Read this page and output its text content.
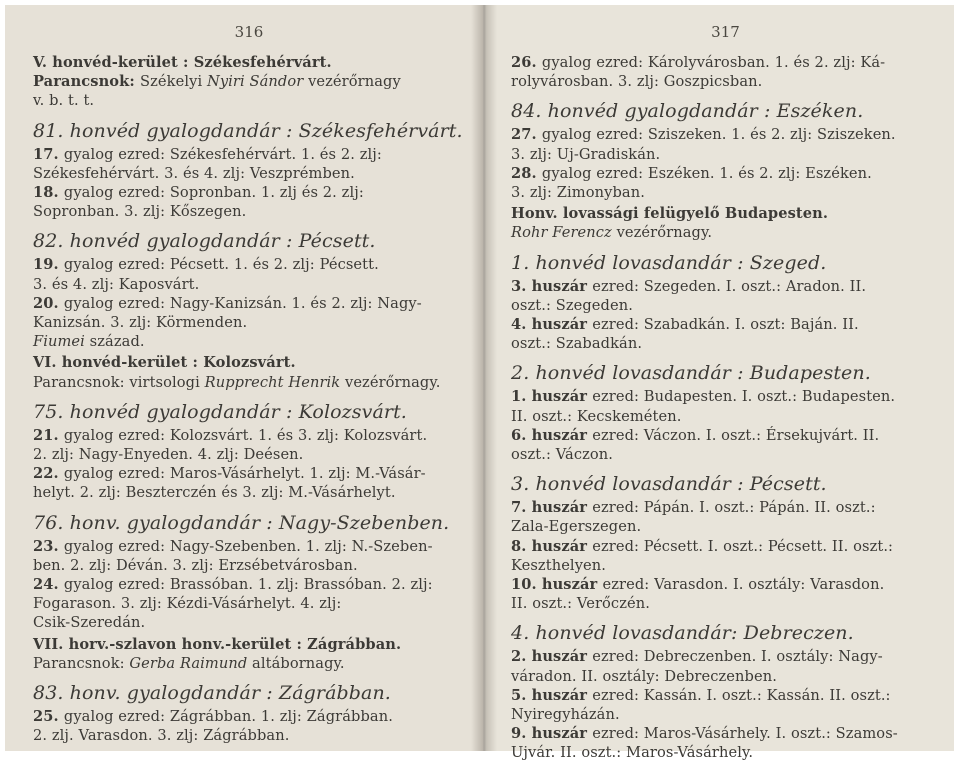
316
V. honvéd-kerület : Székesfehérvárt.
Parancsnok: Székelyi Nyiri Sándor vezérőrnagy
v. b. t. t.
81. honvéd gyalogdandár : Székesfehérvárt.
17. gyalog ezred: Székesfehérvárt. 1. és 2. zlj:
Székesfehérvárt. 3. és 4. zlj: Veszprémben.
18. gyalog ezred: Sopronban. 1. zlj és 2. zlj:
Sopronban. 3. zlj: Kőszegen.
82. honvéd gyalogdandár : Pécsett.
19. gyalog ezred: Pécsett. 1. és 2. zlj: Pécsett.
3. és 4. zlj: Kaposvárt.
20. gyalog ezred: Nagy-Kanizsán. 1. és 2. zlj: Nagy-
Kanizsán. 3. zlj: Körmenden.
Fiumei század.
VI. honvéd-kerület : Kolozsvárt.
Parancsnok: virtsologi Rupprecht Henrik vezérőrnagy.
75. honvéd gyalogdandár : Kolozsvárt.
21. gyalog ezred: Kolozsvárt. 1. és 3. zlj: Kolozsvárt.
2. zlj: Nagy-Enyeden. 4. zlj: Deésen.
22. gyalog ezred: Maros-Vásárhelyt. 1. zlj: M.-Vásár-
helyt. 2. zlj: Beszterczén és 3. zlj: M.-Vásárhelyt.
76. honv. gyalogdandár : Nagy-Szebenben.
23. gyalog ezred: Nagy-Szebenben. 1. zlj: N.-Szeben-
ben. 2. zlj: Déván. 3. zlj: Erzsébetvárosban.
24. gyalog ezred: Brassóban. 1. zlj: Brassóban. 2. zlj:
Fogarason. 3. zlj: Kézdi-Vásárhelyt. 4. zlj:
Csik-Szeredán.
VII. horv.-szlavon honv.-kerület : Zágrábban.
Parancsnok: Gerba Raimund altábornagy.
83. honv. gyalogdandár : Zágrábban.
25. gyalog ezred: Zágrábban. 1. zlj: Zágrábban.
2. zlj. Varasdon. 3. zlj: Zágrábban.
317
26. gyalog ezred: Károlyvárosban. 1. és 2. zlj: Ká-
rolyvárosban. 3. zlj: Goszpicsban.
84. honvéd gyalogdandár : Eszéken.
27. gyalog ezred: Sziszeken. 1. és 2. zlj: Sziszeken.
3. zlj: Uj-Gradiskán.
28. gyalog ezred: Eszéken. 1. és 2. zlj: Eszéken.
3. zlj: Zimonyban.
Honv. lovassági felügyelő Budapesten.
Rohr Ferencz vezérőrnagy.
1. honvéd lovasdandár : Szeged.
3. huszár ezred: Szegeden. I. oszt.: Aradon. II.
oszt.: Szegeden.
4. huszár ezred: Szabadkán. I. oszt: Baján. II.
oszt.: Szabadkán.
2. honvéd lovasdandár : Budapesten.
1. huszár ezred: Budapesten. I. oszt.: Budapesten.
II. oszt.: Kecskeméten.
6. huszár ezred: Váczon. I. oszt.: Érsekujvárt. II.
oszt.: Váczon.
3. honvéd lovasdandár : Pécsett.
7. huszár ezred: Pápán. I. oszt.: Pápán. II. oszt.:
Zala-Egerszegen.
8. huszár ezred: Pécsett. I. oszt.: Pécsett. II. oszt.:
Keszthelyen.
10. huszár ezred: Varasdon. I. osztály: Varasdon.
II. oszt.: Verőczén.
4. honvéd lovasdandár: Debreczen.
2. huszár ezred: Debreczenben. I. osztály: Nagy-
váradon. II. osztály: Debreczenben.
5. huszár ezred: Kassán. I. oszt.: Kassán. II. oszt.:
Nyiregyházán.
9. huszár ezred: Maros-Vásárhely. I. oszt.: Szamos-
Ujvár. II. oszt.: Maros-Vásárhely.
